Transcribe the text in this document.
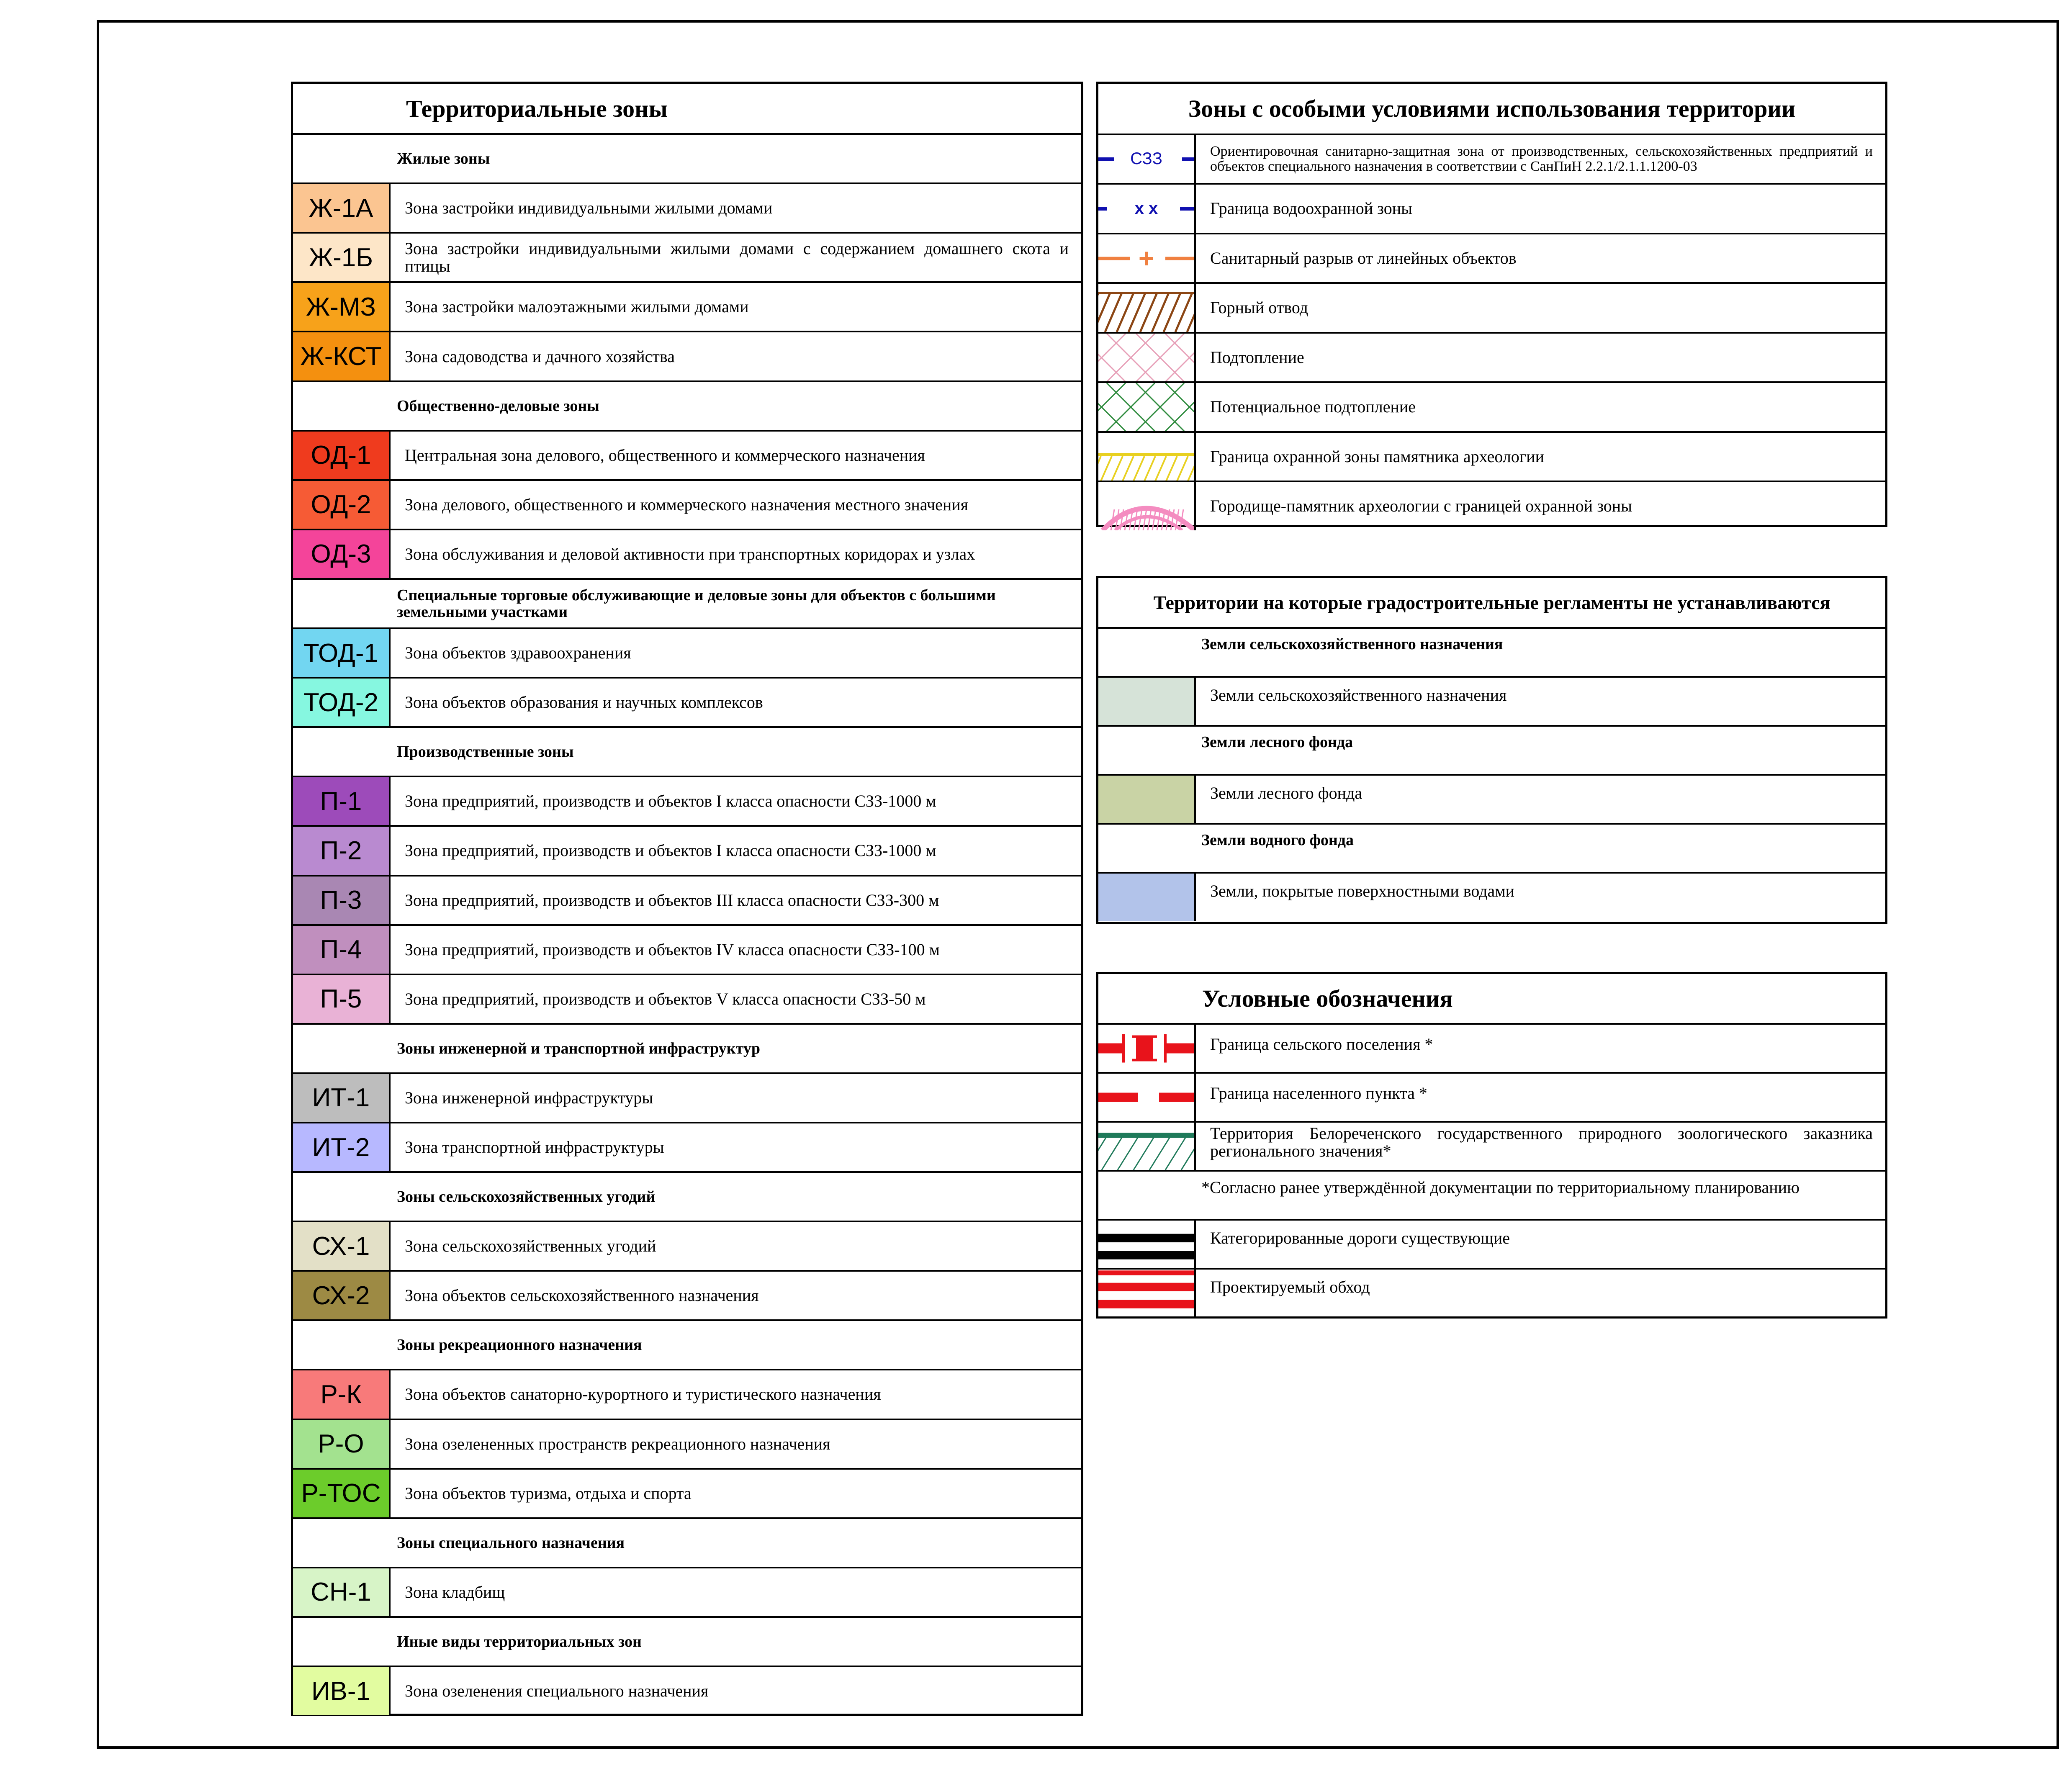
Территориальные зоны
Жилые зоны
Ж-1А	Зона застройки индивидуальными жилыми домами
Ж-1Б	Зона застройки индивидуальными жилыми домами с содержанием домашнего скота и птицы
Ж-МЗ	Зона застройки малоэтажными жилыми домами
Ж-КСТ	Зона садоводства и дачного хозяйства
Общественно-деловые зоны
ОД-1	Центральная зона делового, общественного и коммерческого назначения
ОД-2	Зона делового, общественного и коммерческого назначения местного значения
ОД-3	Зона обслуживания и деловой активности при транспортных коридорах и узлах
Специальные торговые обслуживающие и деловые зоны для объектов с большими земельными участками
ТОД-1	Зона объектов здравоохранения
ТОД-2	Зона объектов образования и научных комплексов
Производственные зоны
П-1	Зона предприятий, производств и объектов I класса опасности СЗЗ-1000 м
П-2	Зона предприятий, производств и объектов I класса опасности СЗЗ-1000 м
П-3	Зона предприятий, производств и объектов III класса опасности СЗЗ-300 м
П-4	Зона предприятий, производств и объектов IV класса опасности СЗЗ-100 м
П-5	Зона предприятий, производств и объектов V класса опасности СЗЗ-50 м
Зоны инженерной и транспортной инфраструктур
ИТ-1	Зона инженерной инфраструктуры
ИТ-2	Зона транспортной инфраструктуры
Зоны сельскохозяйственных угодий
СХ-1	Зона сельскохозяйственных угодий
СХ-2	Зона объектов сельскохозяйственного назначения
Зоны рекреационного назначения
Р-К	Зона объектов санаторно-курортного и туристического назначения
Р-О	Зона озелененных пространств рекреационного назначения
Р-ТОС	Зона объектов туризма, отдыха и спорта
Зоны специального назначения
СН-1	Зона кладбищ
Иные виды территориальных зон
ИВ-1	Зона озеленения специального назначения
Зоны с особыми условиями использования территории
СЗЗ	Ориентировочная санитарно-защитная зона от производственных, сельскохозяйственных предприятий и объектов специального назначения в соответствии с СанПиН 2.2.1/2.1.1.1200-03
x x	Граница водоохранной зоны
+	Санитарный разрыв от линейных объектов
Горный отвод
Подтопление
Потенциальное подтопление
Граница охранной зоны памятника археологии
Городище-памятник археологии с границей охранной зоны
Территории на которые градостроительные регламенты не устанавливаются
Земли сельскохозяйственного назначения
Земли сельскохозяйственного назначения
Земли лесного фонда
Земли лесного фонда
Земли водного фонда
Земли, покрытые поверхностными водами
Условные обозначения
Граница сельского поселения *
Граница населенного пункта *
Территория Белореченского государственного природного зоологического заказника регионального значения*
*Согласно ранее утверждённой документации по территориальному планированию
Категорированные дороги существующие
Проектируемый обход
